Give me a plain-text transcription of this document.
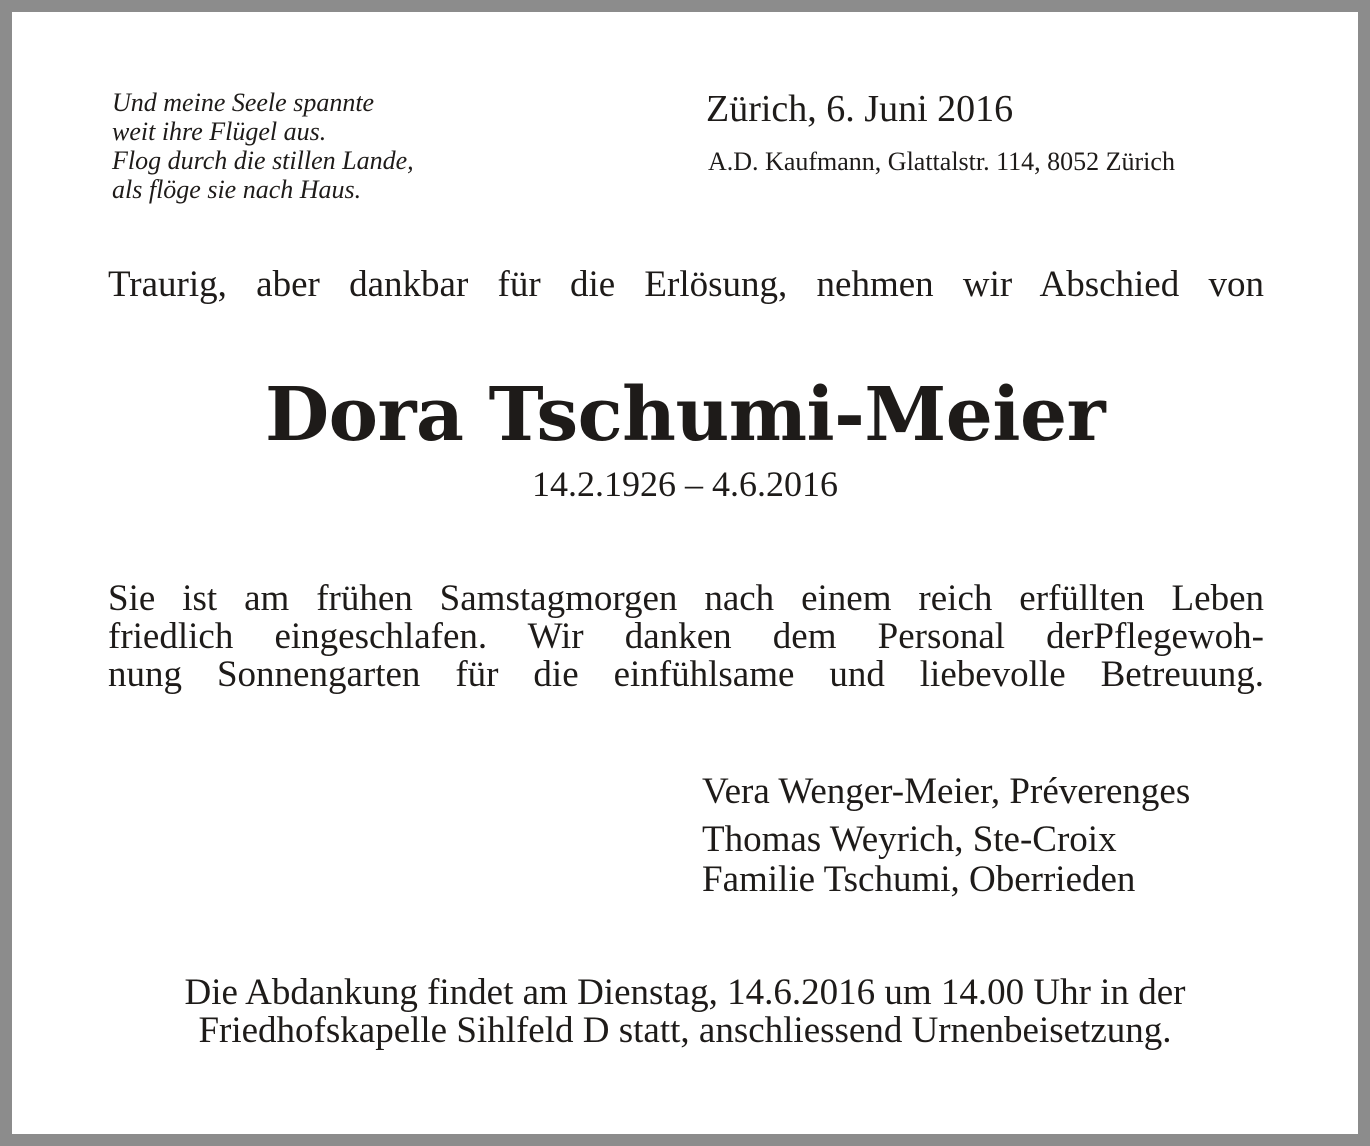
Und meine Seele spannte
weit ihre Flügel aus.
Flog durch die stillen Lande,
als flöge sie nach Haus.
Zürich, 6. Juni 2016
A.D. Kaufmann, Glattalstr. 114, 8052 Zürich
Traurig, aber dankbar für die Erlösung, nehmen wir Abschied von
Dora Tschumi-Meier
14.2.1926 – 4.6.2016
Sie ist am frühen Samstagmorgen nach einem reich erfüllten Leben
friedlich eingeschlafen. Wir danken dem Personal derPflegewoh-
nung Sonnengarten für die einfühlsame und liebevolle Betreuung.
Vera Wenger-Meier, Préverenges
Thomas Weyrich, Ste-Croix
Familie Tschumi, Oberrieden
Die Abdankung findet am Dienstag, 14.6.2016 um 14.00 Uhr in der
Friedhofskapelle Sihlfeld D statt, anschliessend Urnenbeisetzung.
